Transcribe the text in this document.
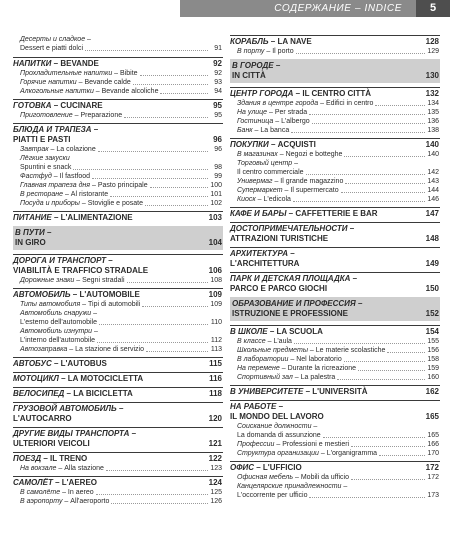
СОДЕРЖАНИЕ – INDICE	5
Десерты и сладкое –
Dessert e piatti dolci	91
НАПИТКИ – BEVANDE	92
Прохладительные напитки – Bibite	92
Горячие напитки – Bevande calde	93
Алкогольные напитки – Bevande alcoliche	94
ГОТОВКА – CUCINARE	95
Приготовление – Preparazione	95
БЛЮДА И ТРАПЕЗА –
PIATTI E PASTI	96
Завтрак – La colazione	96
Лёгкие закуски
Spuntini e snack	98
Фастфуд – Il fastfood	99
Главная трапеза дня – Pasto principale	100
В ресторане – Al ristorante	101
Посуда и приборы – Stoviglie e posate	102
ПИТАНИЕ – L'ALIMENTAZIONE	103
В ПУТИ –
IN GIRO	104
ДОРОГА И ТРАНСПОРТ –
VIABILITÀ E TRAFFICO STRADALE	106
Дорожные знаки – Segni stradali	108
АВТОМОБИЛЬ – L'AUTOMOBILE	109
Типы автомобиля – Tipi di automobili	109
Автомобиль снаружи –
L'esterno dell'automobile	110
Автомобиль изнутри –
L'interno dell'automobile	112
Автозаправка – La stazione di servizio	113
АВТОБУС – L'AUTOBUS	115
МОТОЦИКЛ – LA MOTOCICLETTA	116
ВЕЛОСИПЕД – LA BICICLETTA	118
ГРУЗОВОЙ АВТОМОБИЛЬ –
L'AUTOCARRO	120
ДРУГИЕ ВИДЫ ТРАНСПОРТА –
ULTERIORI VEICOLI	121
ПОЕЗД – IL TRENO	122
На вокзале – Alla stazione	123
САМОЛЁТ – L'AEREO	124
В самолёте – In aereo	125
В аэропорту – All'aeroporto	126
КОРАБЛЬ – LA NAVE	128
В порту – Il porto	129
В ГОРОДЕ –
IN CITTÀ	130
ЦЕНТР ГОРОДА – IL CENTRO CITTÀ	132
Здания в центре города – Edifici in centro	134
На улице – Per strada	135
Гостиница – L'albergo	136
Банк – La banca	138
ПОКУПКИ – ACQUISTI	140
В магазинах – Negozi e botteghe	140
Торговый центр –
Il centro commerciale	142
Универмаг – Il grande magazzino	143
Супермаркет – Il supermercato	144
Киоск – L'edicola	146
КАФЕ И БАРЫ – CAFFETTERIE E BAR	147
ДОСТОПРИМЕЧАТЕЛЬНОСТИ –
ATTRAZIONI TURISTICHE	148
АРХИТЕКТУРА –
L'ARCHITETTURA	149
ПАРК И ДЕТСКАЯ ПЛОЩАДКА –
PARCO E PARCO GIOCHI	150
ОБРАЗОВАНИЕ И ПРОФЕССИЯ –
ISTRUZIONE E PROFESSIONE	152
В ШКОЛЕ – LA SCUOLA	154
В классе – L'aula	155
Школьные предметы – Le materie scolastiche	156
В лаборатории – Nel laboratorio	158
На перемене – Durante la ricreazione	159
Спортивный зал – La palestra	160
В УНИВЕРСИТЕТЕ – L'UNIVERSITÀ	162
НА РАБОТЕ –
IL MONDO DEL LAVORO	165
Соискание должности –
La domanda di assunzione	165
Профессии – Professioni e mestieri	166
Структура организации – L'organigramma	170
ОФИС – L'UFFICIO	172
Офисная мебель – Mobili da ufficio	172
Канцелярские принадлежности –
L'occorrente per ufficio	173
